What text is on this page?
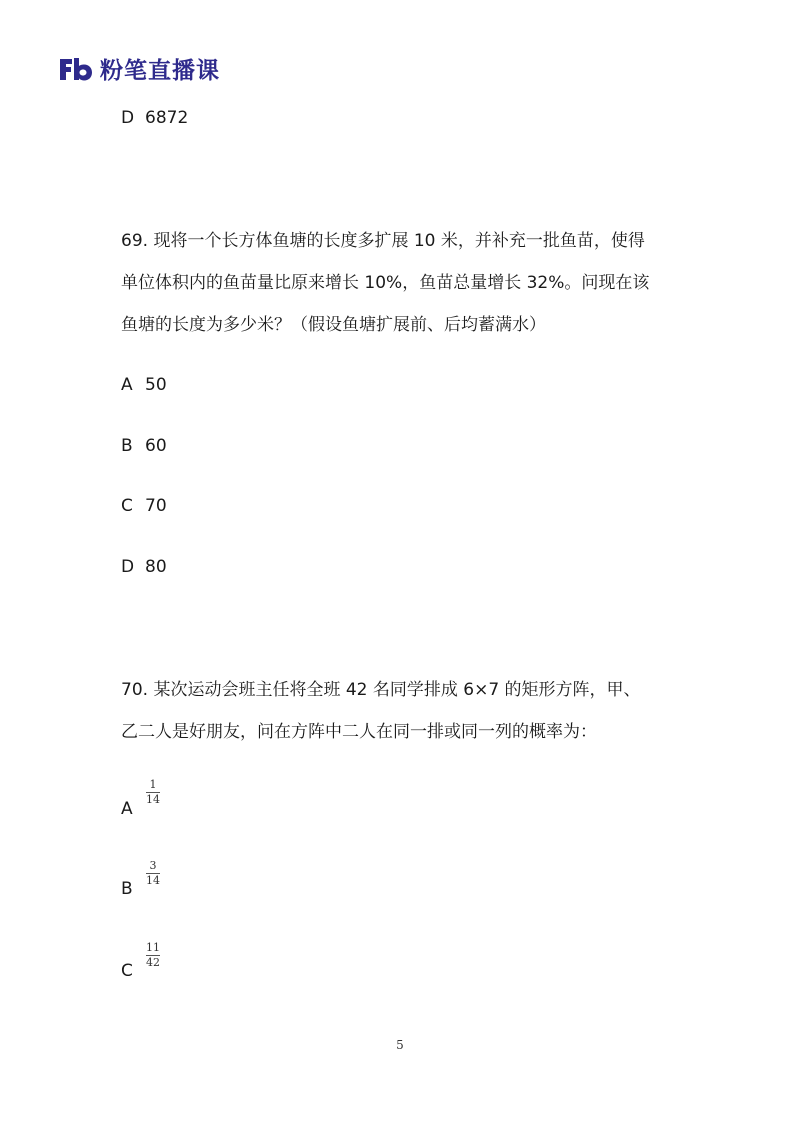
粉笔直播课
D 6872
69. 现将一个长方体鱼塘的长度多扩展 10 米，并补充一批鱼苗，使得
单位体积内的鱼苗量比原来增长 10%，鱼苗总量增长 32%。问现在该
鱼塘的长度为多少米？（假设鱼塘扩展前、后均蓄满水）
A 50
B 60
C 70
D 80
70. 某次运动会班主任将全班 42 名同学排成 6×7 的矩形方阵，甲、
乙二人是好朋友，问在方阵中二人在同一排或同一列的概率为：
A
1
14
B
3
14
C
11
42
5
